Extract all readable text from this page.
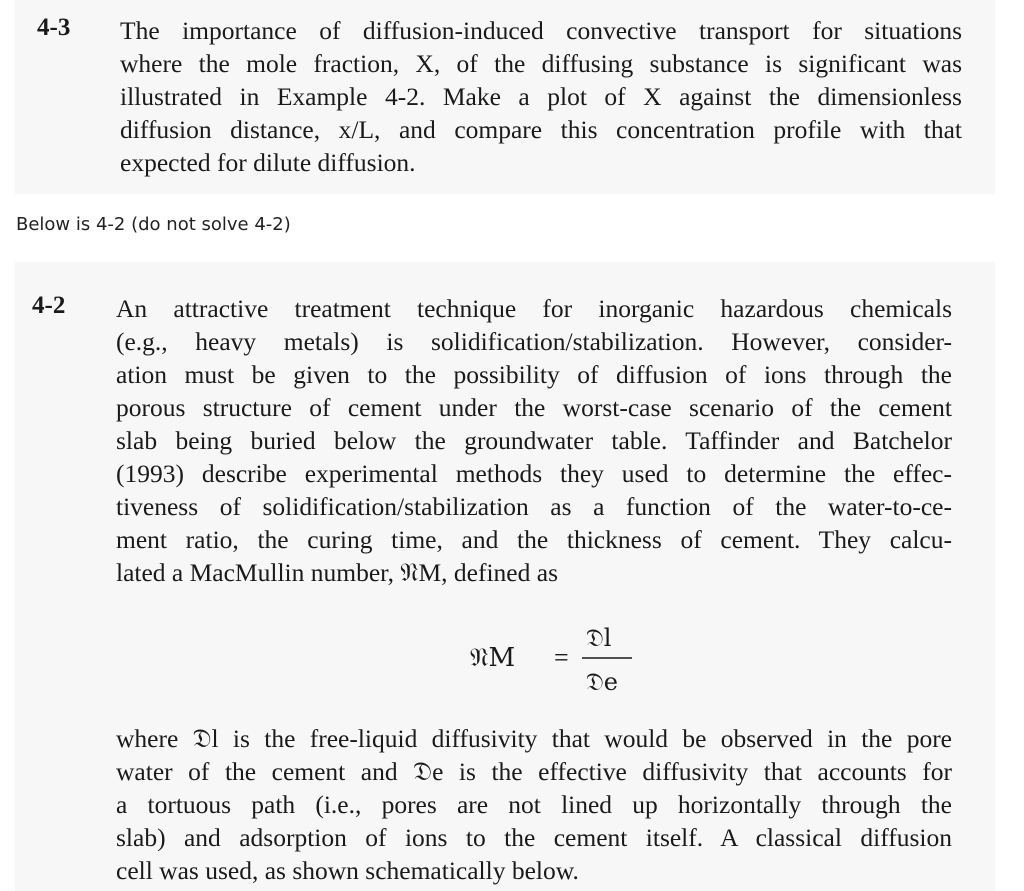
4-3 The importance of diffusion-induced convective transport for situations
where the mole fraction, X, of the diffusing substance is significant was
illustrated in Example 4-2. Make a plot of X against the dimensionless
diffusion distance, x/L, and compare this concentration profile with that
expected for dilute diffusion.
Below is 4-2 (do not solve 4-2)
4-2 An attractive treatment technique for inorganic hazardous chemicals
(e.g., heavy metals) is solidification/stabilization. However, consider-
ation must be given to the possibility of diffusion of ions through the
porous structure of cement under the worst-case scenario of the cement
slab being buried below the groundwater table. Taffinder and Batchelor
(1993) describe experimental methods they used to determine the effec-
tiveness of solidification/stabilization as a function of the water-to-ce-
ment ratio, the curing time, and the thickness of cement. They calcu-
lated a MacMullin number, 𝔑M, defined as
𝔑M =
𝔇l
𝔇e
where 𝔇l is the free-liquid diffusivity that would be observed in the pore
water of the cement and 𝔇e is the effective diffusivity that accounts for
a tortuous path (i.e., pores are not lined up horizontally through the
slab) and adsorption of ions to the cement itself. A classical diffusion
cell was used, as shown schematically below.
